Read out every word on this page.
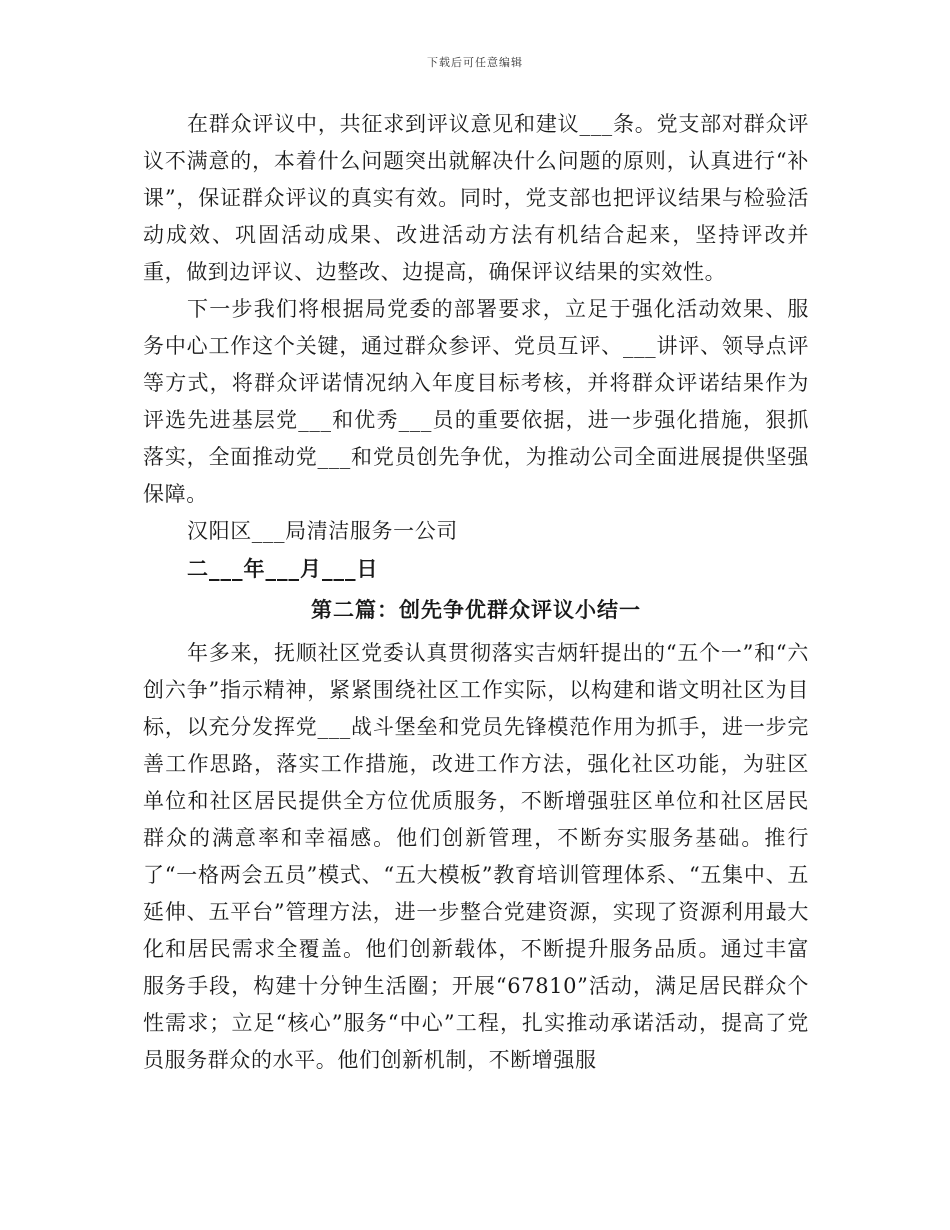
下载后可任意编辑

在群众评议中，共征求到评议意见和建议___条。党支部对群众评议不满意的，本着什么问题突出就解决什么问题的原则，认真进行“补课”，保证群众评议的真实有效。同时，党支部也把评议结果与检验活动成效、巩固活动成果、改进活动方法有机结合起来，坚持评改并重，做到边评议、边整改、边提高，确保评议结果的实效性。

下一步我们将根据局党委的部署要求，立足于强化活动效果、服务中心工作这个关键，通过群众参评、党员互评、___讲评、领导点评等方式，将群众评诺情况纳入年度目标考核，并将群众评诺结果作为评选先进基层党___和优秀___员的重要依据，进一步强化措施，狠抓落实，全面推动党___和党员创先争优，为推动公司全面进展提供坚强保障。

汉阳区___局清洁服务一公司

二___年___月___日

第二篇：创先争优群众评议小结一

年多来，抚顺社区党委认真贯彻落实吉炳轩提出的“五个一”和“六创六争”指示精神，紧紧围绕社区工作实际，以构建和谐文明社区为目标，以充分发挥党___战斗堡垒和党员先锋模范作用为抓手，进一步完善工作思路，落实工作措施，改进工作方法，强化社区功能，为驻区单位和社区居民提供全方位优质服务，不断增强驻区单位和社区居民群众的满意率和幸福感。他们创新管理，不断夯实服务基础。推行了“一格两会五员”模式、“五大模板”教育培训管理体系、“五集中、五延伸、五平台”管理方法，进一步整合党建资源，实现了资源利用最大化和居民需求全覆盖。他们创新载体，不断提升服务品质。通过丰富服务手段，构建十分钟生活圈；开展“67810”活动，满足居民群众个性需求；立足“核心”服务“中心”工程，扎实推动承诺活动，提高了党员服务群众的水平。他们创新机制，不断增强服
